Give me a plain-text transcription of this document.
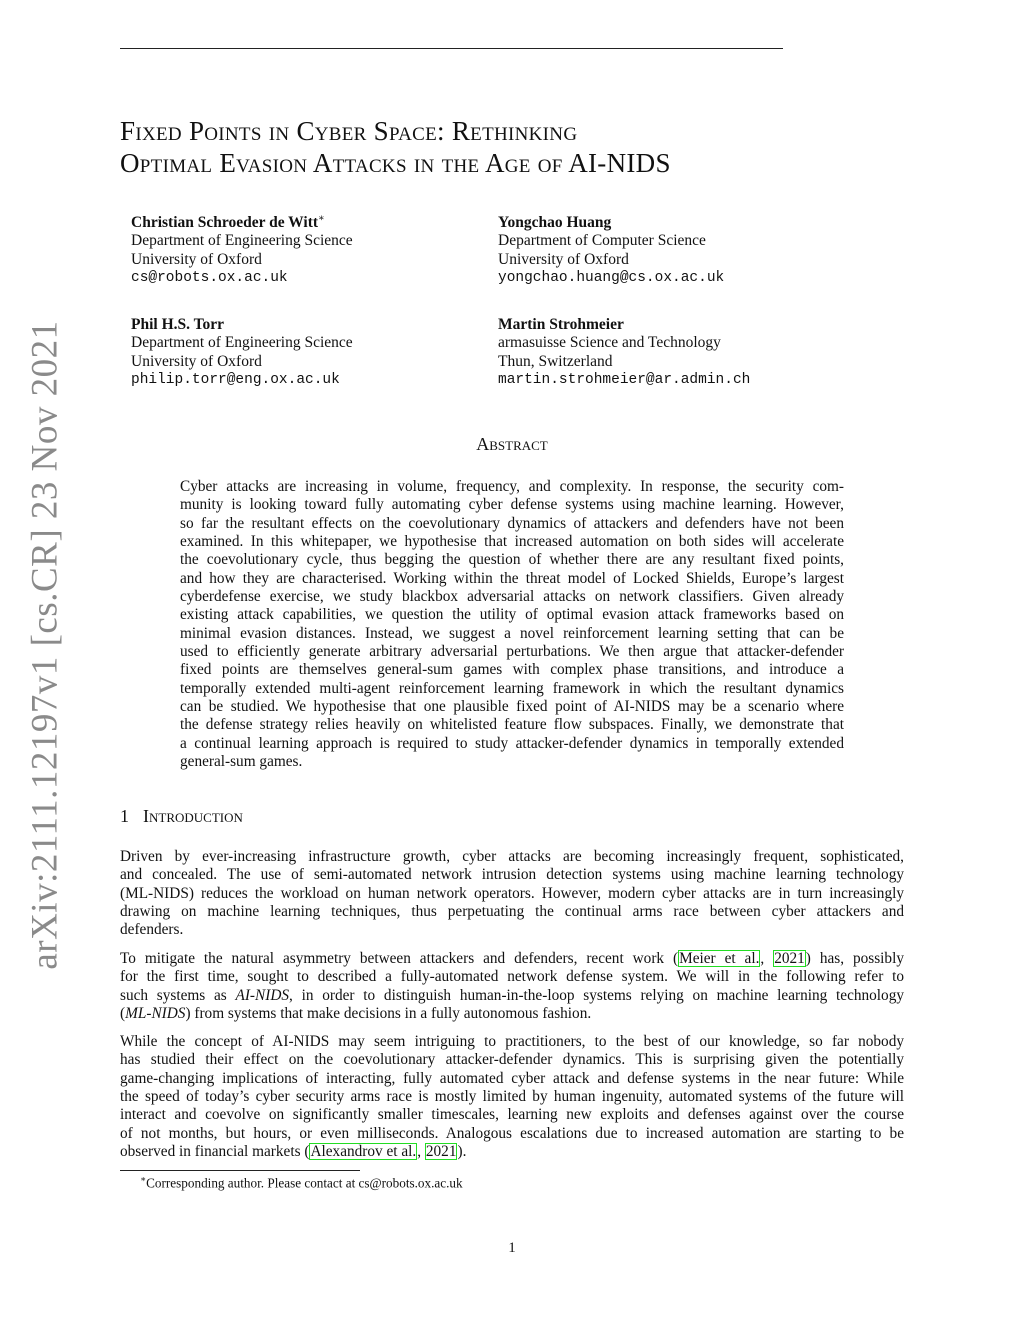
arXiv:2111.12197v1 [cs.CR] 23 Nov 2021
Fixed Points in Cyber Space: Rethinking
Optimal Evasion Attacks in the Age of AI-NIDS
Christian Schroeder de Witt∗
Department of Engineering Science
University of Oxford
cs@robots.ox.ac.uk
Yongchao Huang
Department of Computer Science
University of Oxford
yongchao.huang@cs.ox.ac.uk
Phil H.S. Torr
Department of Engineering Science
University of Oxford
philip.torr@eng.ox.ac.uk
Martin Strohmeier
armasuisse Science and Technology
Thun, Switzerland
martin.strohmeier@ar.admin.ch
Abstract
Cyber attacks are increasing in volume, frequency, and complexity. In response, the security com-
munity is looking toward fully automating cyber defense systems using machine learning. However,
so far the resultant effects on the coevolutionary dynamics of attackers and defenders have not been
examined. In this whitepaper, we hypothesise that increased automation on both sides will accelerate
the coevolutionary cycle, thus begging the question of whether there are any resultant fixed points,
and how they are characterised. Working within the threat model of Locked Shields, Europe’s largest
cyberdefense exercise, we study blackbox adversarial attacks on network classifiers. Given already
existing attack capabilities, we question the utility of optimal evasion attack frameworks based on
minimal evasion distances. Instead, we suggest a novel reinforcement learning setting that can be
used to efficiently generate arbitrary adversarial perturbations. We then argue that attacker-defender
fixed points are themselves general-sum games with complex phase transitions, and introduce a
temporally extended multi-agent reinforcement learning framework in which the resultant dynamics
can be studied. We hypothesise that one plausible fixed point of AI-NIDS may be a scenario where
the defense strategy relies heavily on whitelisted feature flow subspaces. Finally, we demonstrate that
a continual learning approach is required to study attacker-defender dynamics in temporally extended
general-sum games.
1 Introduction
Driven by ever-increasing infrastructure growth, cyber attacks are becoming increasingly frequent, sophisticated,
and concealed. The use of semi-automated network intrusion detection systems using machine learning technology
(ML-NIDS) reduces the workload on human network operators. However, modern cyber attacks are in turn increasingly
drawing on machine learning techniques, thus perpetuating the continual arms race between cyber attackers and
defenders.
To mitigate the natural asymmetry between attackers and defenders, recent work (Meier et al., 2021) has, possibly
for the first time, sought to described a fully-automated network defense system. We will in the following refer to
such systems as AI-NIDS, in order to distinguish human-in-the-loop systems relying on machine learning technology
(ML-NIDS) from systems that make decisions in a fully autonomous fashion.
While the concept of AI-NIDS may seem intriguing to practitioners, to the best of our knowledge, so far nobody
has studied their effect on the coevolutionary attacker-defender dynamics. This is surprising given the potentially
game-changing implications of interacting, fully automated cyber attack and defense systems in the near future: While
the speed of today’s cyber security arms race is mostly limited by human ingenuity, automated systems of the future will
interact and coevolve on significantly smaller timescales, learning new exploits and defenses against over the course
of not months, but hours, or even milliseconds. Analogous escalations due to increased automation are starting to be
observed in financial markets (Alexandrov et al., 2021).
∗Corresponding author. Please contact at cs@robots.ox.ac.uk
1
